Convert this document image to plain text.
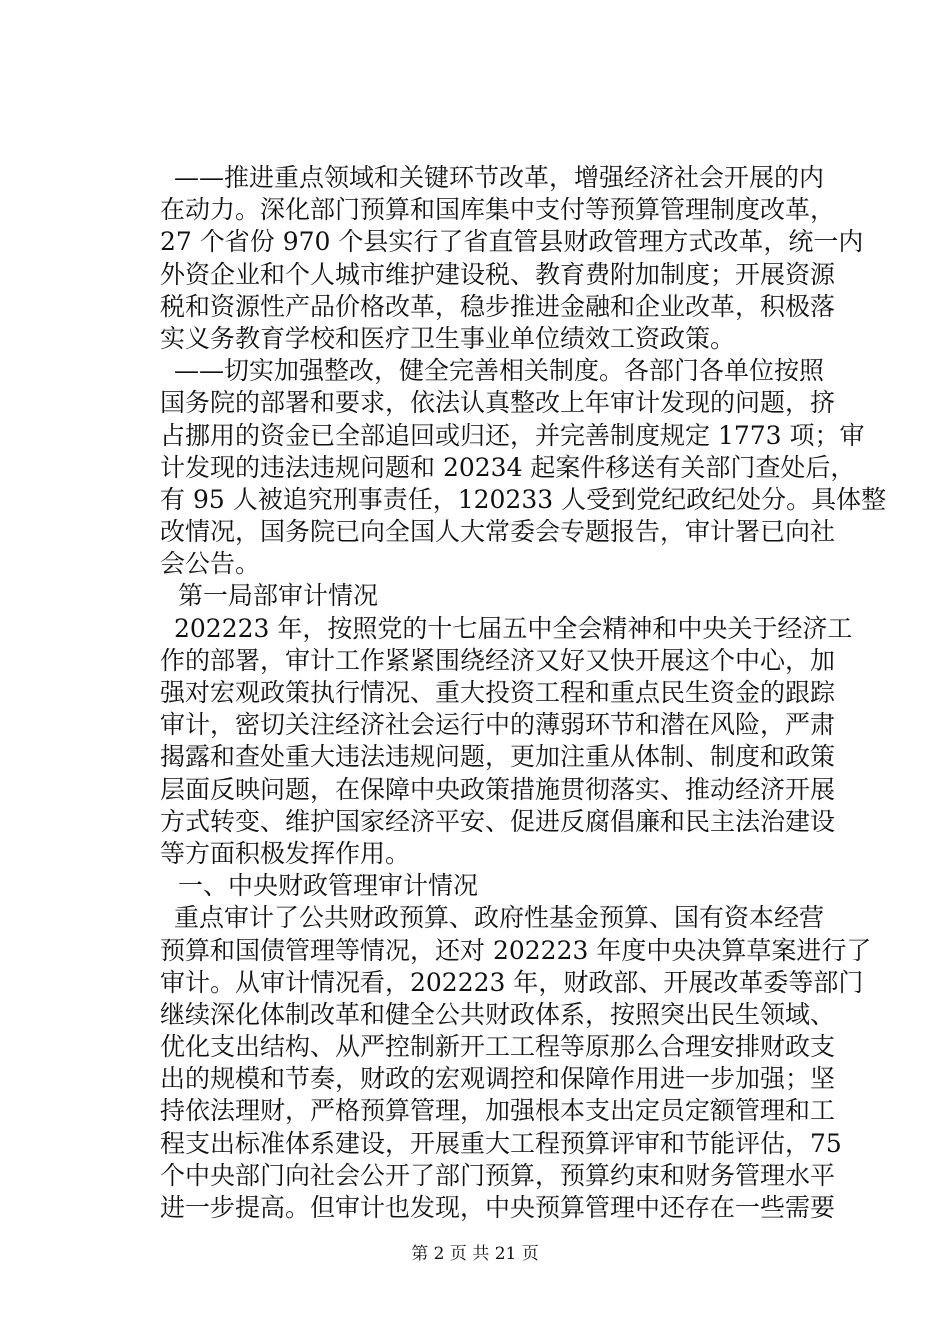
——推进重点领域和关键环节改革，增强经济社会开展的内
在动力。深化部门预算和国库集中支付等预算管理制度改革，
27 个省份 970 个县实行了省直管县财政管理方式改革，统一内
外资企业和个人城市维护建设税、教育费附加制度；开展资源
税和资源性产品价格改革，稳步推进金融和企业改革，积极落
实义务教育学校和医疗卫生事业单位绩效工资政策。
——切实加强整改，健全完善相关制度。各部门各单位按照
国务院的部署和要求，依法认真整改上年审计发现的问题，挤
占挪用的资金已全部追回或归还，并完善制度规定 1773 项；审
计发现的违法违规问题和 20234 起案件移送有关部门查处后，
有 95 人被追究刑事责任，120233 人受到党纪政纪处分。具体整
改情况，国务院已向全国人大常委会专题报告，审计署已向社
会公告。
第一局部审计情况
202223 年，按照党的十七届五中全会精神和中央关于经济工
作的部署，审计工作紧紧围绕经济又好又快开展这个中心，加
强对宏观政策执行情况、重大投资工程和重点民生资金的跟踪
审计，密切关注经济社会运行中的薄弱环节和潜在风险，严肃
揭露和查处重大违法违规问题，更加注重从体制、制度和政策
层面反映问题，在保障中央政策措施贯彻落实、推动经济开展
方式转变、维护国家经济平安、促进反腐倡廉和民主法治建设
等方面积极发挥作用。
一、中央财政管理审计情况
重点审计了公共财政预算、政府性基金预算、国有资本经营
预算和国债管理等情况，还对 202223 年度中央决算草案进行了
审计。从审计情况看，202223 年，财政部、开展改革委等部门
继续深化体制改革和健全公共财政体系，按照突出民生领域、
优化支出结构、从严控制新开工工程等原那么合理安排财政支
出的规模和节奏，财政的宏观调控和保障作用进一步加强；坚
持依法理财，严格预算管理，加强根本支出定员定额管理和工
程支出标准体系建设，开展重大工程预算评审和节能评估，75
个中央部门向社会公开了部门预算，预算约束和财务管理水平
进一步提高。但审计也发现，中央预算管理中还存在一些需要
第 2 页 共 21 页
